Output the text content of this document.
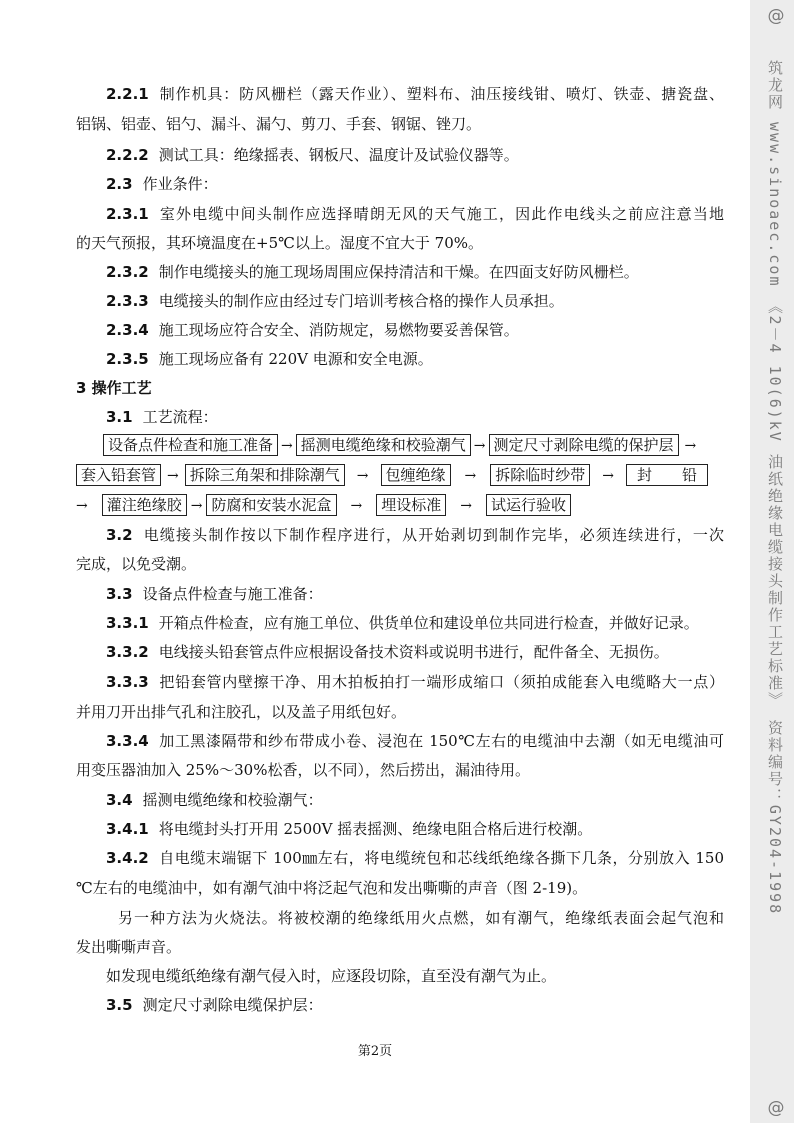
2.2.1 制作机具：防风栅栏（露天作业）、塑料布、油压接线钳、喷灯、铁壶、搪瓷盘、
铝锅、铝壶、铝勺、漏斗、漏勺、剪刀、手套、钢锯、锉刀。
2.2.2 测试工具：绝缘摇表、钢板尺、温度计及试验仪器等。
2.3 作业条件：
2.3.1 室外电缆中间头制作应选择晴朗无风的天气施工，因此作电线头之前应注意当地
的天气预报，其环境温度在+5℃以上。湿度不宜大于 70%。
2.3.2 制作电缆接头的施工现场周围应保持清洁和干燥。在四面支好防风栅栏。
2.3.3 电缆接头的制作应由经过专门培训考核合格的操作人员承担。
2.3.4 施工现场应符合安全、消防规定，易燃物要妥善保管。
2.3.5 施工现场应备有 220V 电源和安全电源。
3 操作工艺
3.1 工艺流程：
设备点件检查和施工准备 → 摇测电缆绝缘和校验潮气 → 测定尺寸剥除电缆的保护层 →
套入铅套管 → 拆除三角架和排除潮气 → 包缠绝缘 → 拆除临时纱带 → 封　　铅
→ 灌注绝缘胶 → 防腐和安装水泥盒 → 埋设标准 → 试运行验收
3.2 电缆接头制作按以下制作程序进行，从开始剥切到制作完毕，必须连续进行，一次
完成，以免受潮。
3.3 设备点件检查与施工准备：
3.3.1 开箱点件检查，应有施工单位、供货单位和建设单位共同进行检查，并做好记录。
3.3.2 电线接头铅套管点件应根据设备技术资料或说明书进行，配件备全、无损伤。
3.3.3 把铅套管内壁擦干净、用木拍板拍打一端形成缩口（须拍成能套入电缆略大一点）
并用刀开出排气孔和注胶孔，以及盖子用纸包好。
3.3.4 加工黑漆隔带和纱布带成小卷、浸泡在 150℃左右的电缆油中去潮（如无电缆油可
用变压器油加入 25%～30%松香，以不同），然后捞出，漏油待用。
3.4 摇测电缆绝缘和校验潮气：
3.4.1 将电缆封头打开用 2500V 摇表摇测、绝缘电阻合格后进行校潮。
3.4.2 自电缆末端锯下 100㎜左右，将电缆统包和芯线纸绝缘各撕下几条，分别放入 150
℃左右的电缆油中，如有潮气油中将泛起气泡和发出嘶嘶的声音（图 2-19)。
另一种方法为火烧法。将被校潮的绝缘纸用火点燃，如有潮气，绝缘纸表面会起气泡和
发出嘶嘶声音。
如发现电缆纸绝缘有潮气侵入时，应逐段切除，直至没有潮气为止。
3.5 测定尺寸剥除电缆保护层：
第2页
@
筑龙网 www.sinoaec.com 《2－4 10(6)kV 油纸绝缘电缆接头制作工艺标准》 资料编号：GY204-1998
@
